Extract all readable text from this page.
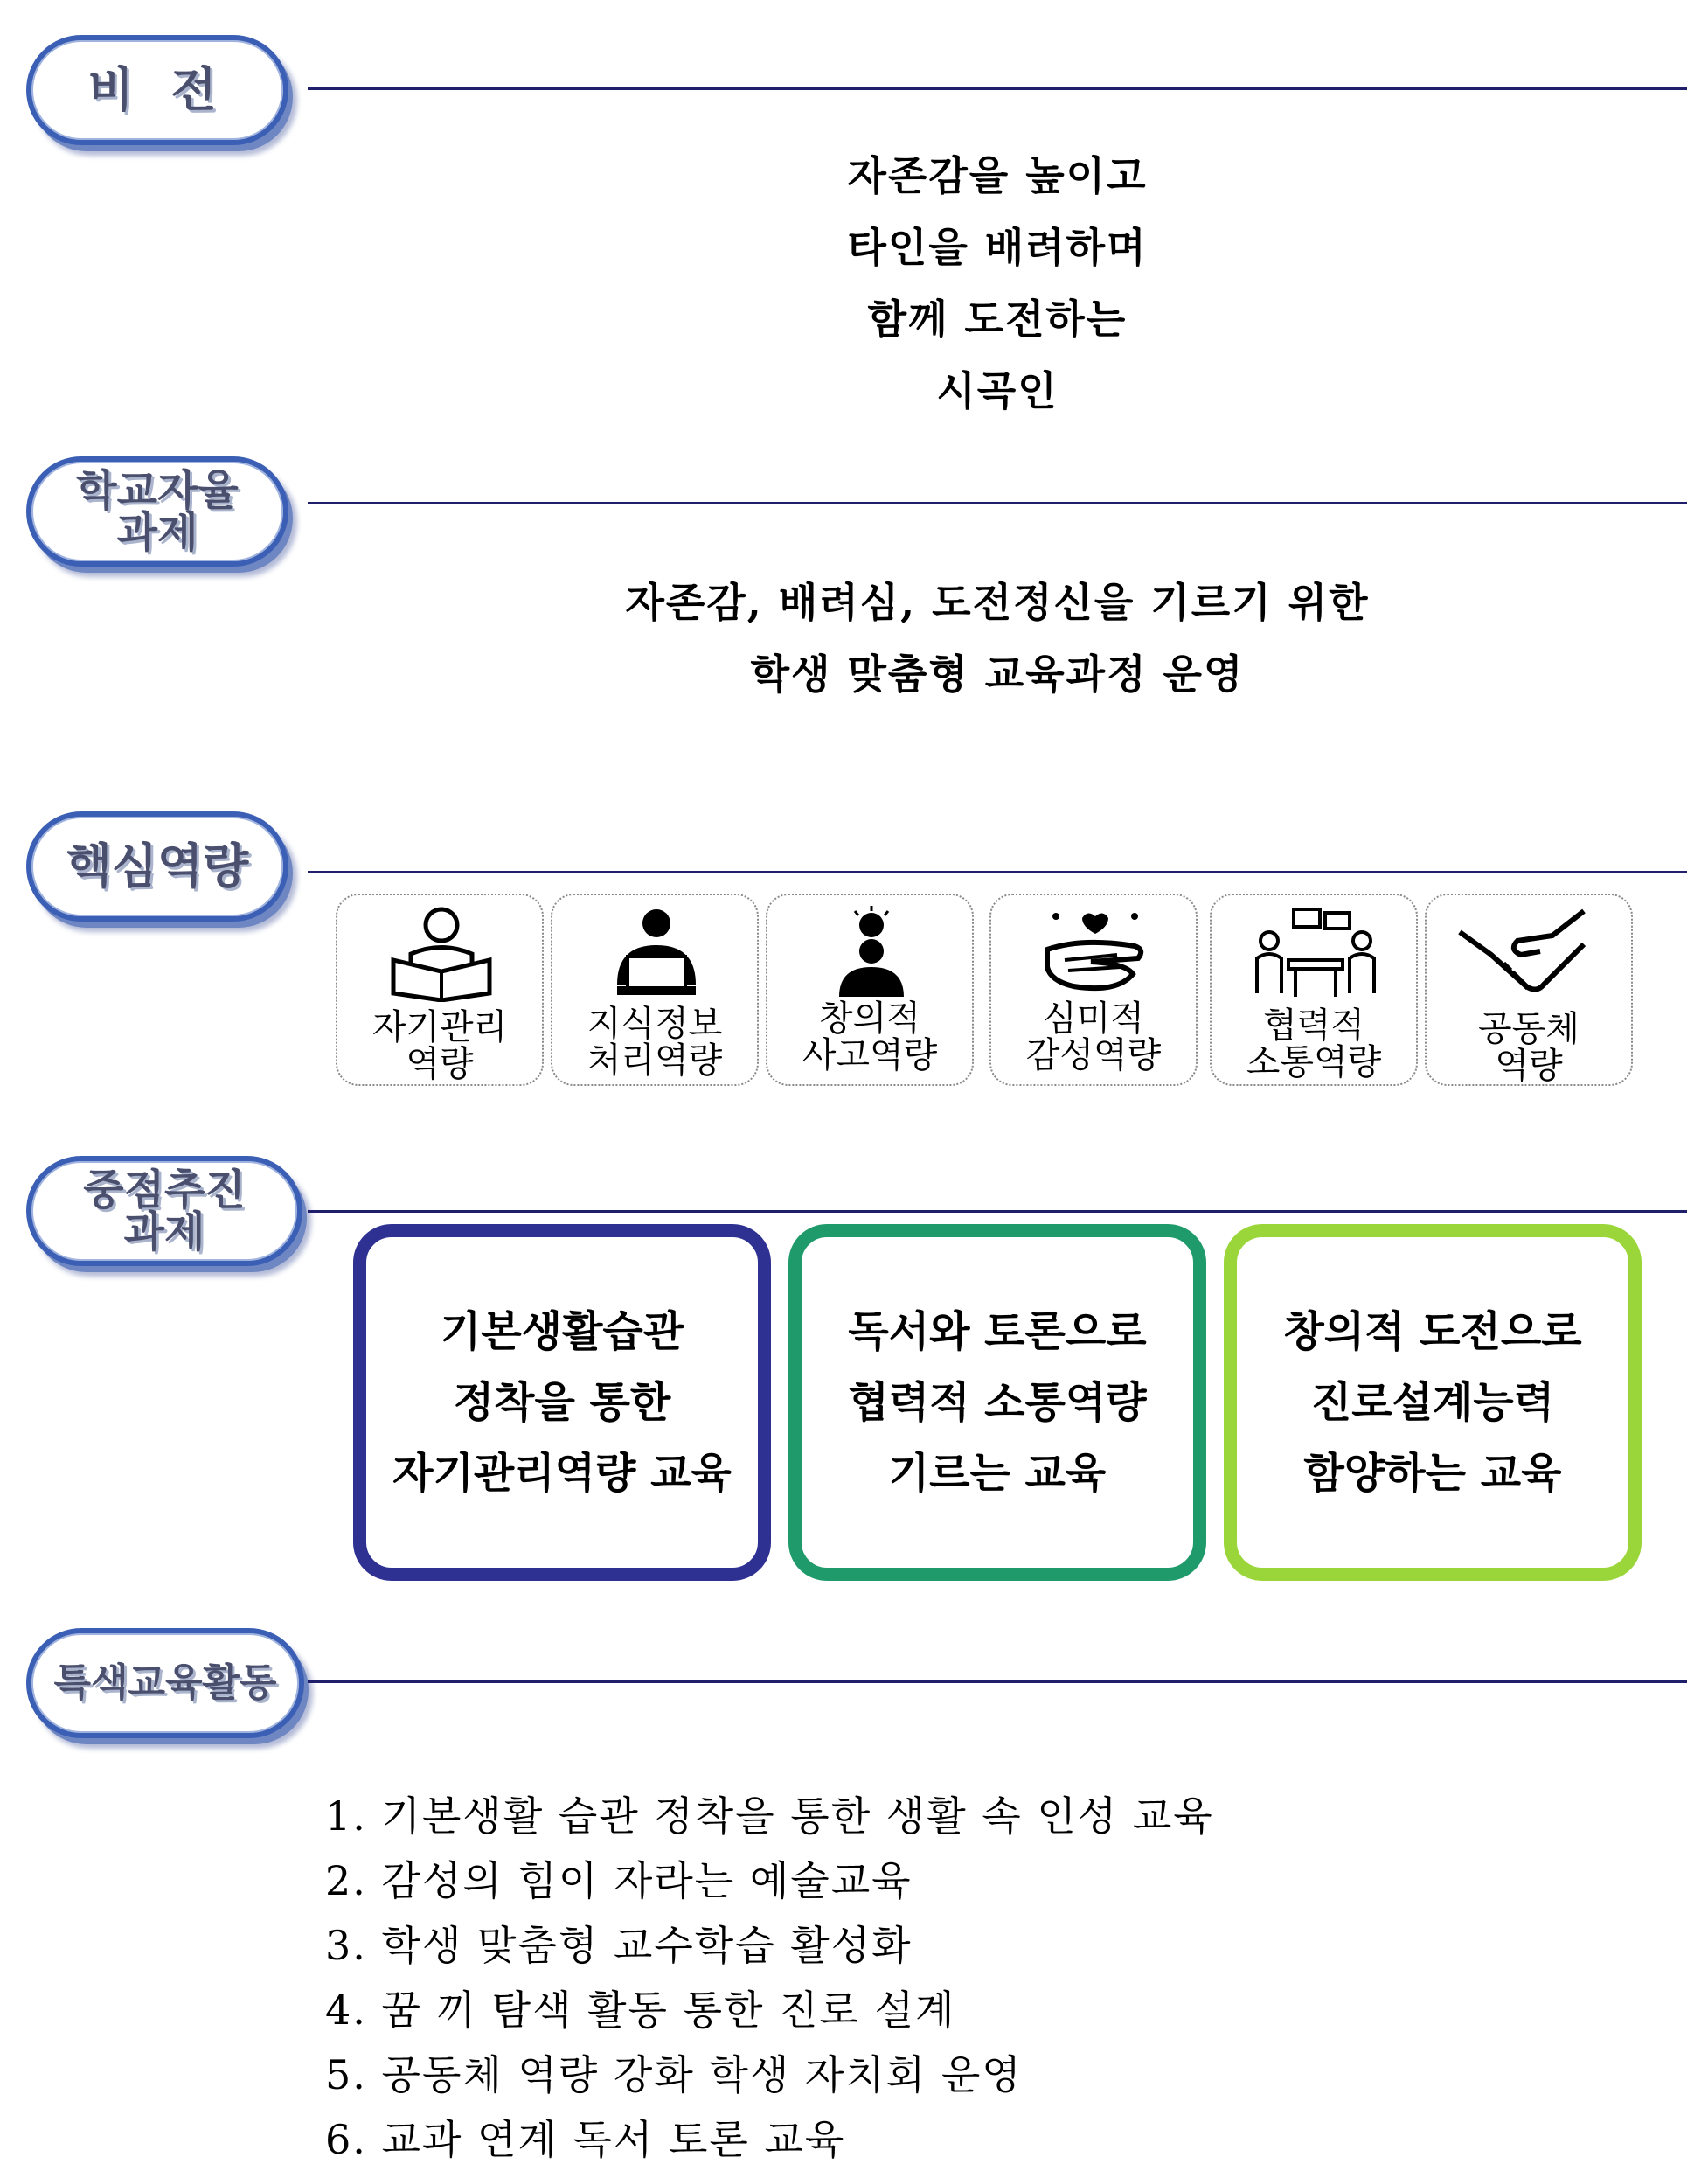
비 전
자존감을 높이고
타인을 배려하며
함께 도전하는
시곡인
학교자율
과제
자존감, 배려심, 도전정신을 기르기 위한
학생 맞춤형 교육과정 운영
핵심역량
자기관리
역량
지식정보
처리역량
창의적
사고역량
심미적
감성역량
협력적
소통역량
공동체
역량
중점추진
과제
기본생활습관
정착을 통한
자기관리역량 교육
독서와 토론으로
협력적 소통역량
기르는 교육
창의적 도전으로
진로설계능력
함양하는 교육
특색교육활동
1. 기본생활 습관 정착을 통한 생활 속 인성 교육
2. 감성의 힘이 자라는 예술교육
3. 학생 맞춤형 교수학습 활성화
4. 꿈 끼 탐색 활동 통한 진로 설계
5. 공동체 역량 강화 학생 자치회 운영
6. 교과 연계 독서 토론 교육
